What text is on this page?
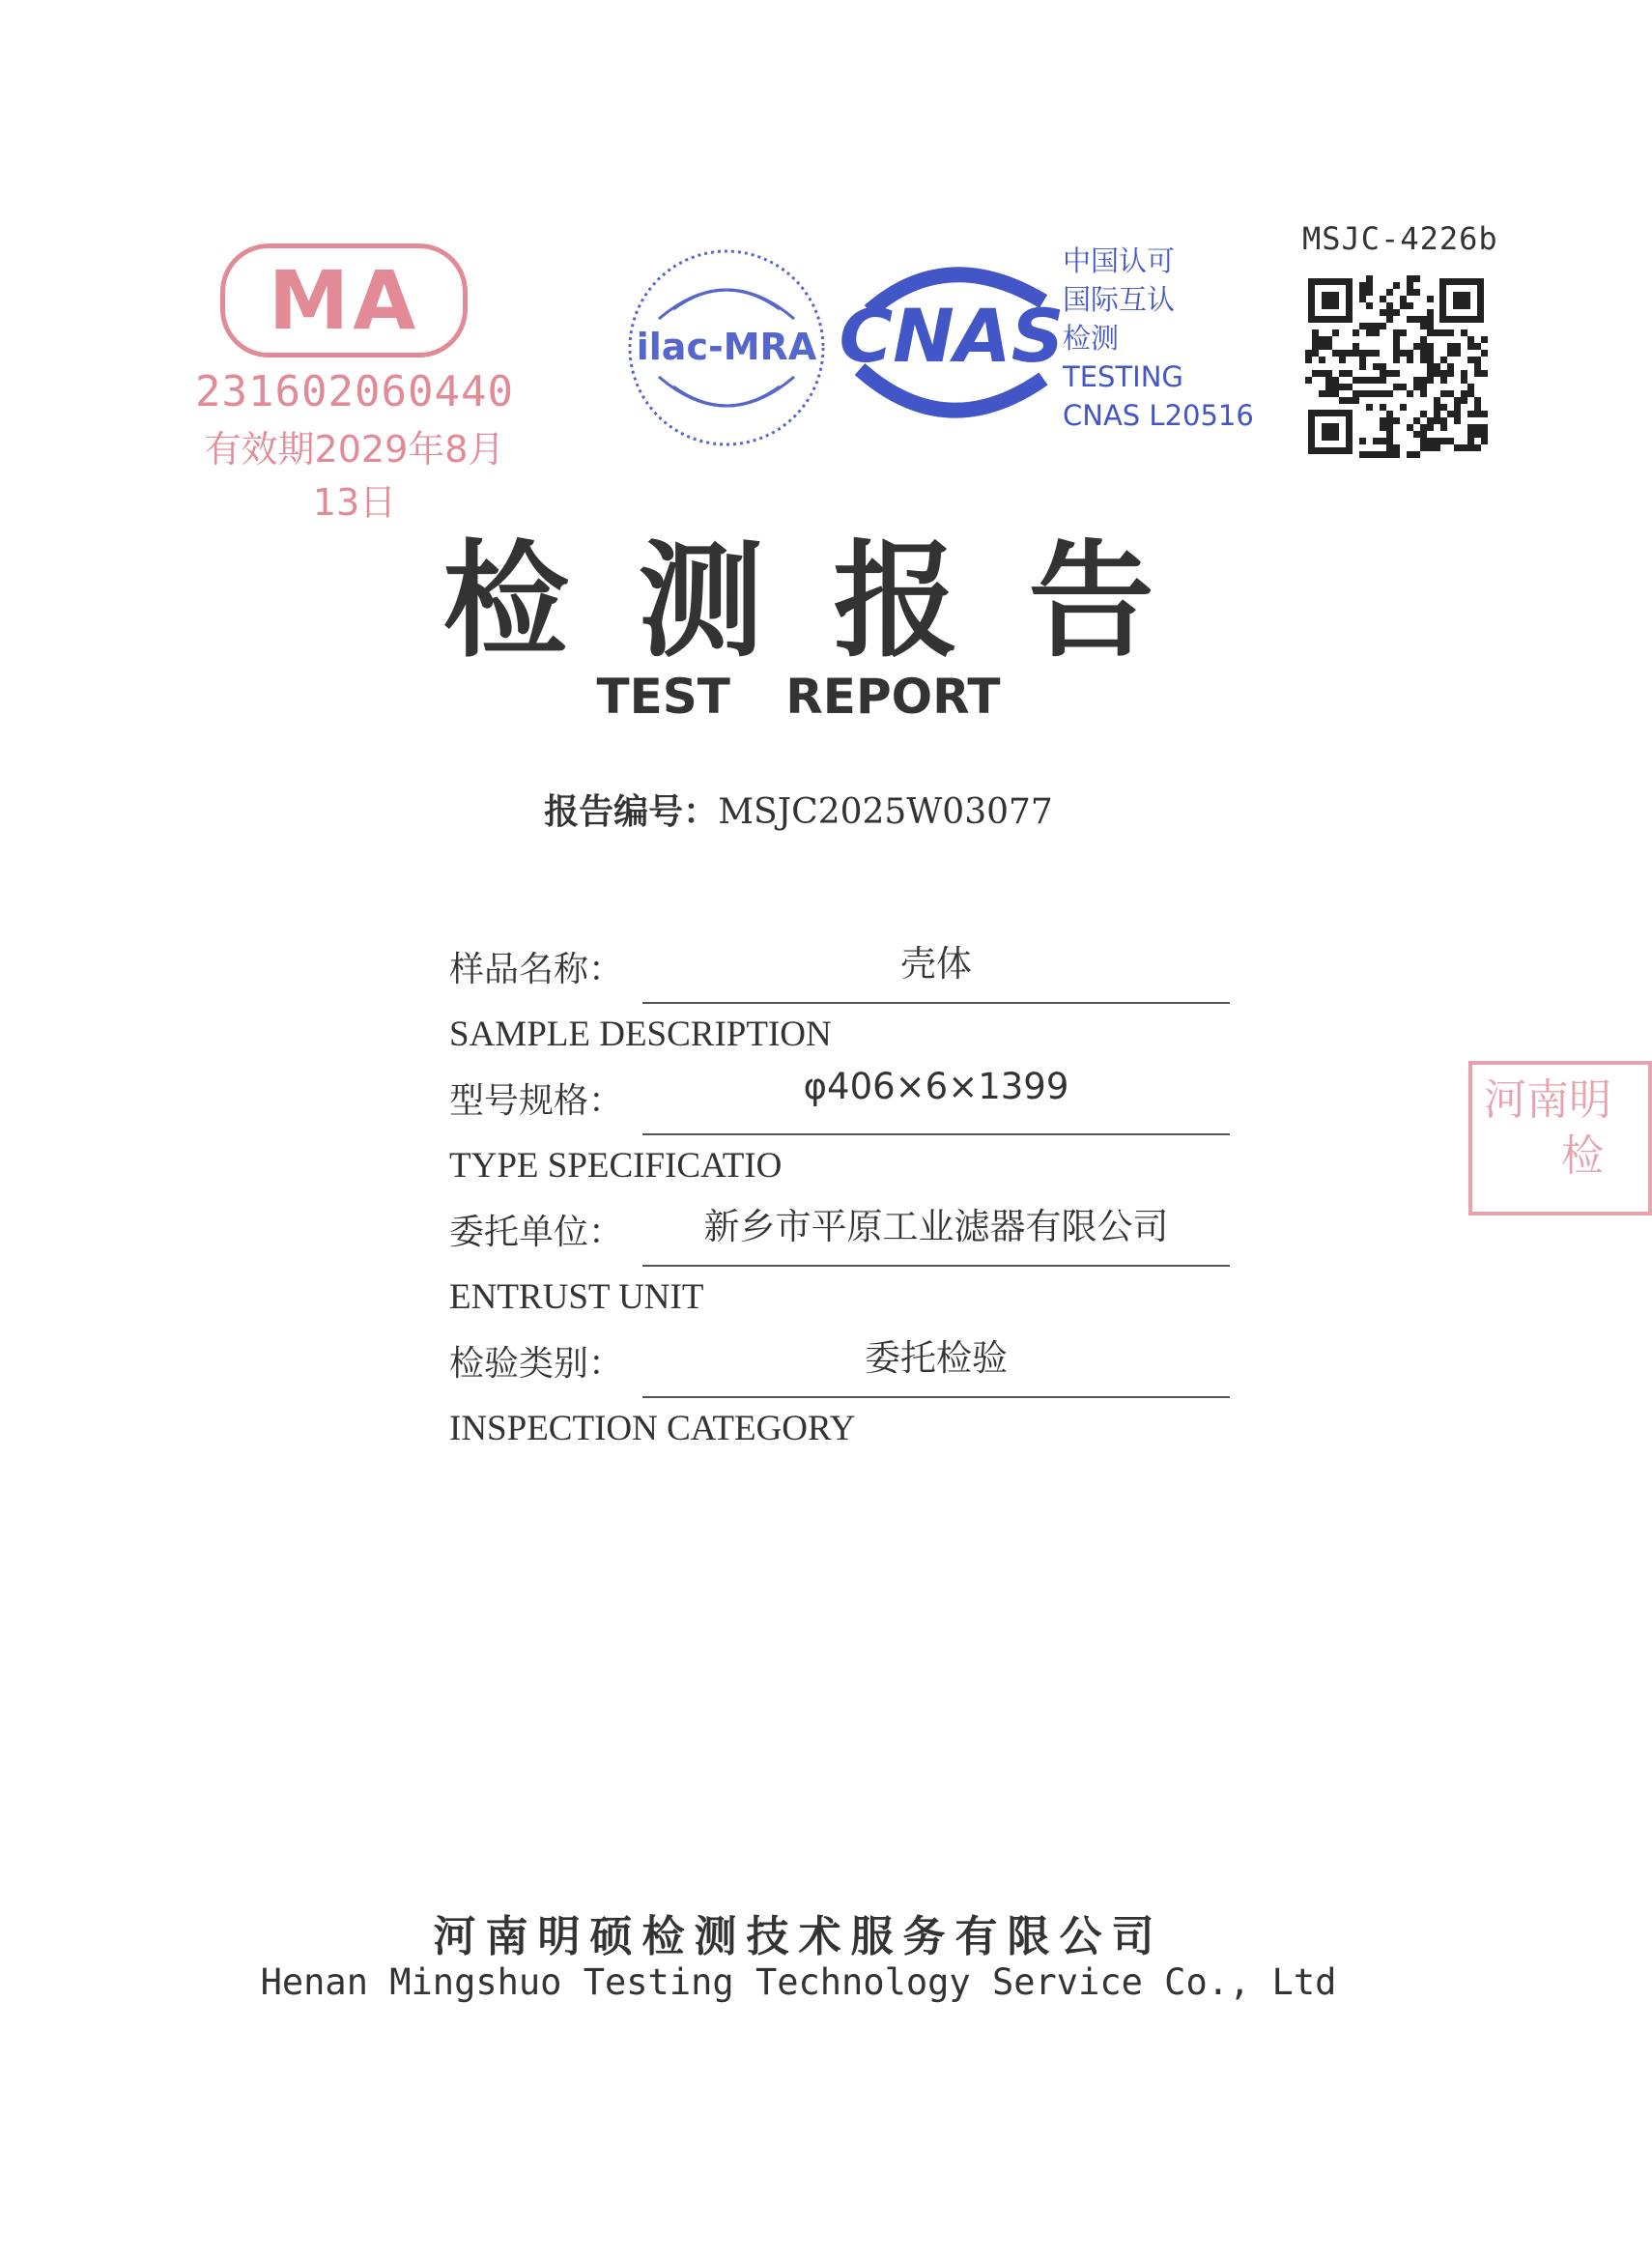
MA
231602060440
有效期2029年8月13日
ilac-MRA CNAS
中国认可
国际互认
检测
TESTING
CNAS L20516
MSJC-4226b
检测报告
TEST REPORT
报告编号：MSJC2025W03077
样品名称：	壳体
SAMPLE DESCRIPTION
型号规格：	φ406×6×1399
TYPE SPECIFICATIO
委托单位：	新乡市平原工业滤器有限公司
ENTRUST UNIT
检验类别：	委托检验
INSPECTION CATEGORY
河南明
检
河南明硕检测技术服务有限公司
Henan Mingshuo Testing Technology Service Co., Ltd
